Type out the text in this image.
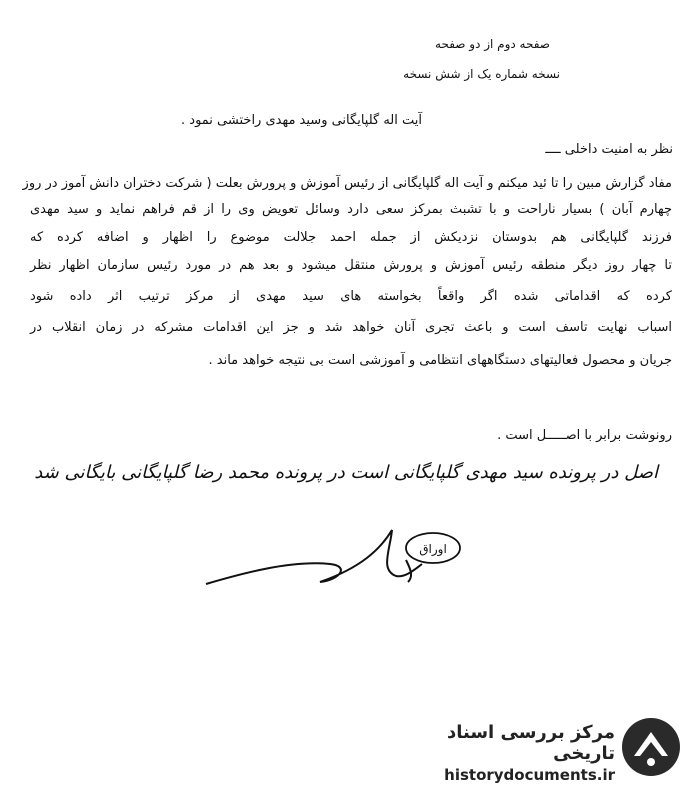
صفحه دوم از دو صفحه
نسخه شماره یک از شش نسخه
آیت اله گلپایگانی وسید مهدی راختشی نمود .
نظر به امنیت داخلی ــــ
مفاد گزارش مبین را تا ئید میکنم و آیت اله گلپایگانی از رئیس آموزش و پرورش بعلت ( شرکت دختران دانش آموز در روز
چهارم آبان ) بسیار ناراحت و با تشبث بمرکز سعی دارد وسائل تعویض وی را از قم فراهم نماید و سید مهدی
فرزند گلپایگانی هم بدوستان نزدیکش از جمله احمد جلالت موضوع را اظهار و اضافه کرده که
تا چهار روز دیگر منطقه رئیس آموزش و پرورش منتقل میشود و بعد هم در مورد رئیس سازمان اظهار نظر
کرده که اقداماتی شده اگر واقعاً بخواسته های سید مهدی از مرکز ترتیب اثر داده شود
اسباب نهایت تاسف است و باعث تجری آنان خواهد شد و جز این اقدامات مشرکه در زمان انقلاب در
جریان و محصول فعالیتهای دستگاههای انتظامی و آموزشی است بی نتیجه خواهد ماند .
رونوشت برابر با اصـــــل است .
اصل در پرونده سید مهدی گلپایگانی است در پرونده محمد رضا گلپایگانی بایگانی شد
اوراق
مرکز بررسی اسناد تاریخی
historydocuments.ir
